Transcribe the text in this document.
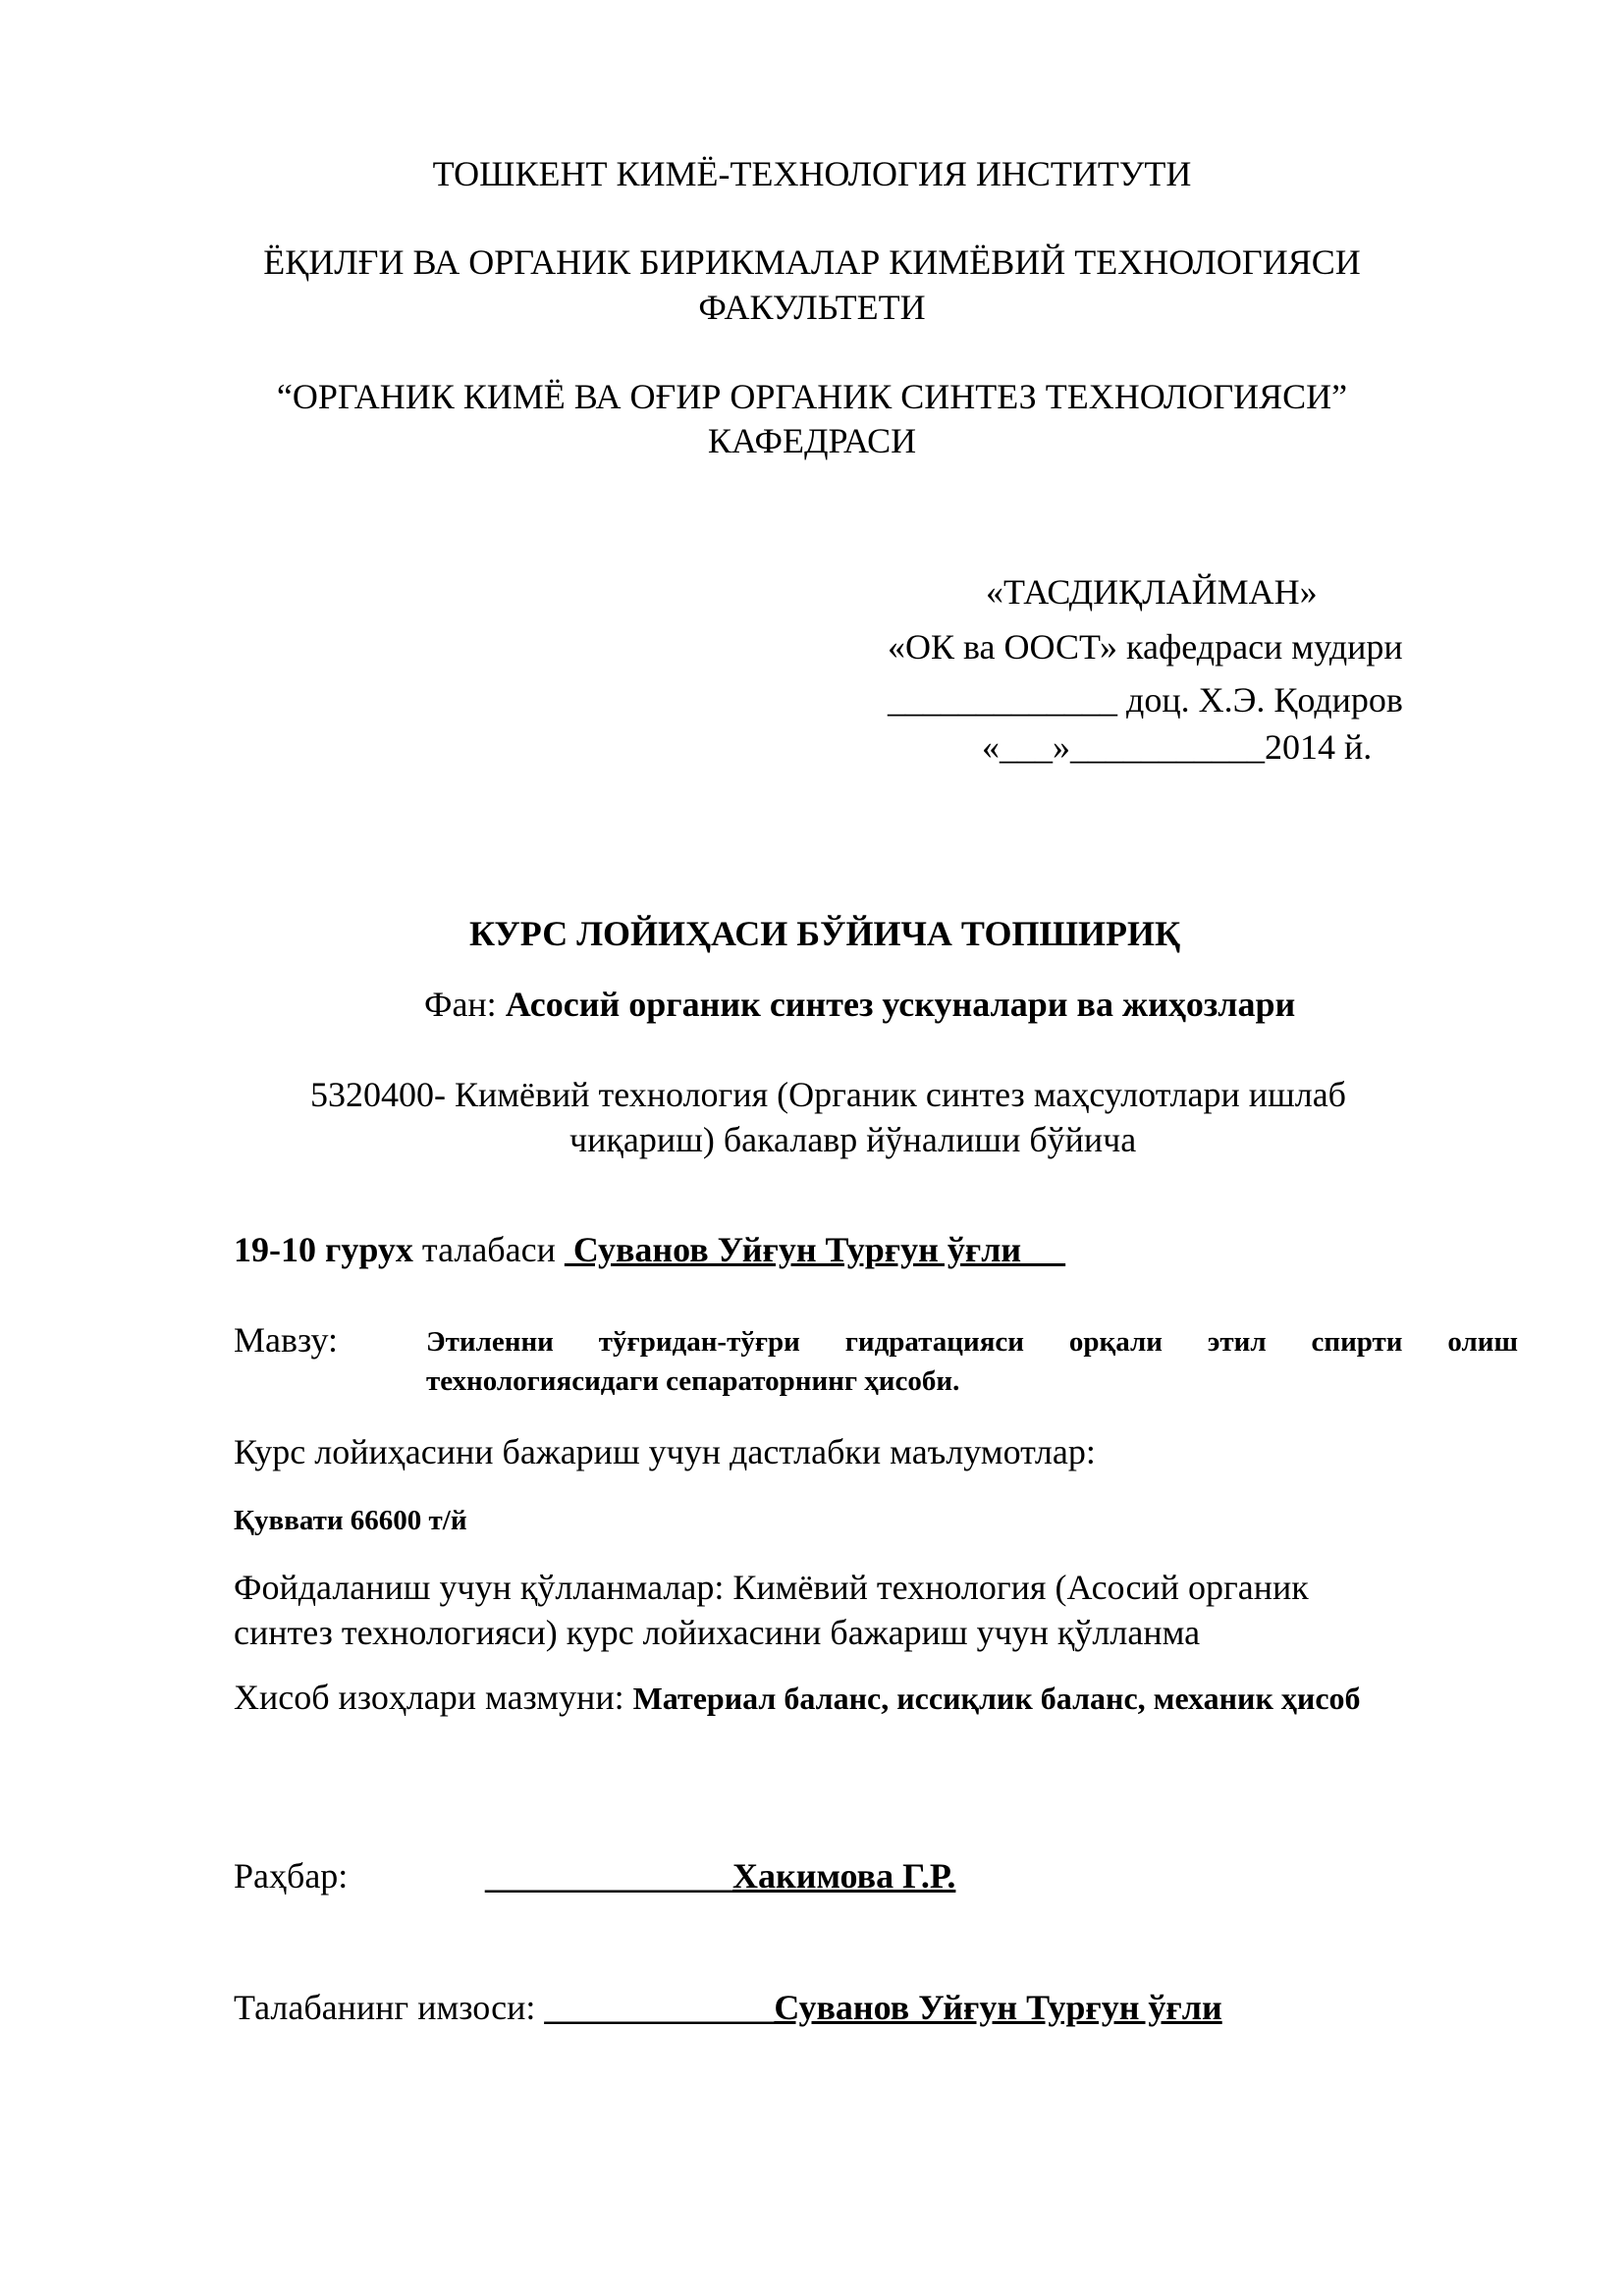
ТОШКЕНТ КИМЁ-ТЕХНОЛОГИЯ ИНСТИТУТИ
ЁҚИЛҒИ ВА ОРГАНИК БИРИКМАЛАР КИМЁВИЙ ТЕХНОЛОГИЯСИ
ФАКУЛЬТЕТИ
“ОРГАНИК КИМЁ ВА ОҒИР ОРГАНИК СИНТЕЗ ТЕХНОЛОГИЯСИ”
КАФЕДРАСИ
«ТАСДИҚЛАЙМАН»
«ОК ва ООСТ» кафедраси мудири
_____________ доц. Х.Э. Қодиров
«___»___________2014 й.
КУРС ЛОЙИҲАСИ БЎЙИЧА ТОПШИРИҚ
Фан: Асосий органик синтез ускуналари ва жиҳозлари
5320400- Кимёвий технология (Органик синтез маҳсулотлари ишлаб
чиқариш) бакалавр йўналиши бўйича
19-10 гурух талабаси  Суванов Уйғун Турғун ўғли
Мавзу:	Этиленни тўғридан-тўғри гидратацияси орқали этил спирти олиш
технологиясидаги сепараторнинг ҳисоби.
Курс лойиҳасини бажариш учун дастлабки маълумотлар:
Қуввати 66600 т/й
Фойдаланиш учун қўлланмалар: Кимёвий технология (Асосий органик
синтез технологияси) курс лойихасини бажариш учун қўлланма
Хисоб изоҳлари мазмуни: Материал баланс, иссиқлик баланс, механик ҳисоб
Раҳбар:	______________Хакимова Г.Р.
Талабанинг имзоси: _____________Суванов Уйғун Турғун ўғли
